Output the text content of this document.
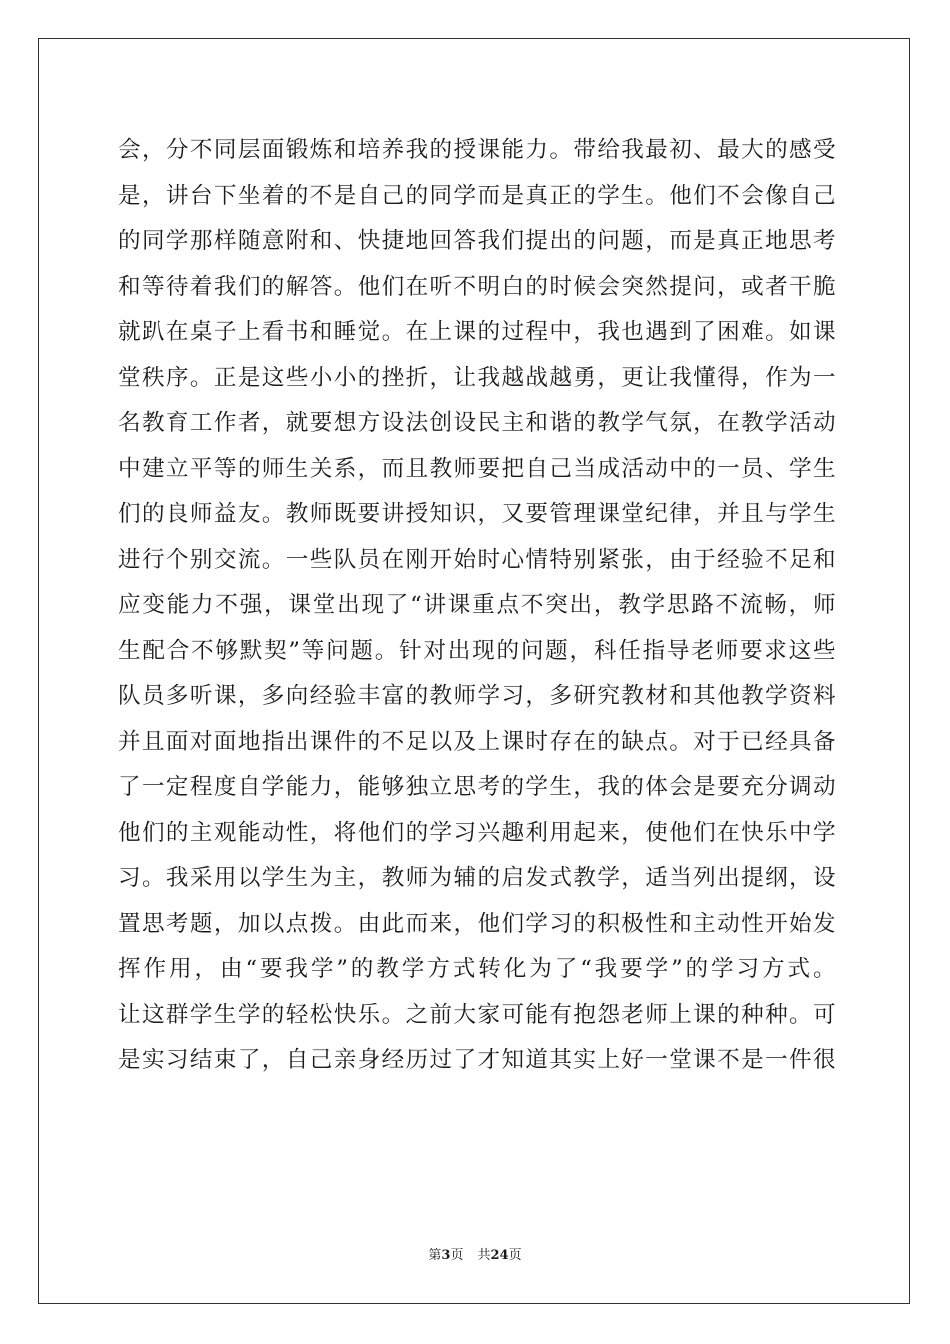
会，分不同层面锻炼和培养我的授课能力。带给我最初、最大的感受
是，讲台下坐着的不是自己的同学而是真正的学生。他们不会像自己
的同学那样随意附和、快捷地回答我们提出的问题，而是真正地思考
和等待着我们的解答。他们在听不明白的时候会突然提问，或者干脆
就趴在桌子上看书和睡觉。在上课的过程中，我也遇到了困难。如课
堂秩序。正是这些小小的挫折，让我越战越勇，更让我懂得，作为一
名教育工作者，就要想方设法创设民主和谐的教学气氛，在教学活动
中建立平等的师生关系，而且教师要把自己当成活动中的一员、学生
们的良师益友。教师既要讲授知识，又要管理课堂纪律，并且与学生
进行个别交流。一些队员在刚开始时心情特别紧张，由于经验不足和
应变能力不强，课堂出现了“讲课重点不突出，教学思路不流畅，师
生配合不够默契”等问题。针对出现的问题，科任指导老师要求这些
队员多听课，多向经验丰富的教师学习，多研究教材和其他教学资料
并且面对面地指出课件的不足以及上课时存在的缺点。对于已经具备
了一定程度自学能力，能够独立思考的学生，我的体会是要充分调动
他们的主观能动性，将他们的学习兴趣利用起来，使他们在快乐中学
习。我采用以学生为主，教师为辅的启发式教学，适当列出提纲，设
置思考题，加以点拨。由此而来，他们学习的积极性和主动性开始发
挥作用，由“要我学”的教学方式转化为了“我要学”的学习方式。
让这群学生学的轻松快乐。之前大家可能有抱怨老师上课的种种。可
是实习结束了，自己亲身经历过了才知道其实上好一堂课不是一件很
第3页 共24页
